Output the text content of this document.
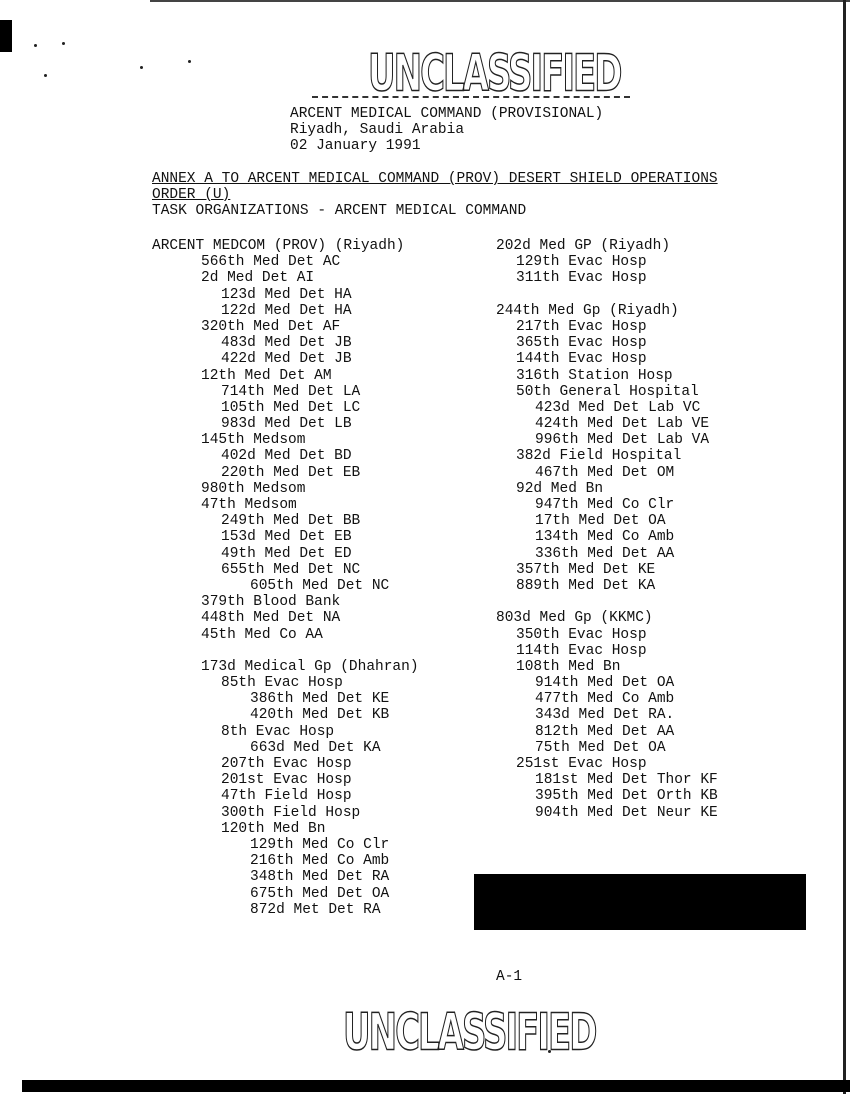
UNCLASSIFIED
ARCENT MEDICAL COMMAND (PROVISIONAL)
Riyadh, Saudi Arabia
02 January 1991
ANNEX A TO ARCENT MEDICAL COMMAND (PROV) DESERT SHIELD OPERATIONS
ORDER (U)
TASK ORGANIZATIONS - ARCENT MEDICAL COMMAND
ARCENT MEDCOM (PROV) (Riyadh)
566th Med Det AC
2d Med Det AI
123d Med Det HA
122d Med Det HA
320th Med Det AF
483d Med Det JB
422d Med Det JB
12th Med Det AM
714th Med Det LA
105th Med Det LC
983d Med Det LB
145th Medsom
402d Med Det BD
220th Med Det EB
980th Medsom
47th Medsom
249th Med Det BB
153d Med Det EB
49th Med Det ED
655th Med Det NC
605th Med Det NC
379th Blood Bank
448th Med Det NA
45th Med Co AA
173d Medical Gp (Dhahran)
85th Evac Hosp
386th Med Det KE
420th Med Det KB
8th Evac Hosp
663d Med Det KA
207th Evac Hosp
201st Evac Hosp
47th Field Hosp
300th Field Hosp
120th Med Bn
129th Med Co Clr
216th Med Co Amb
348th Med Det RA
675th Med Det OA
872d Met Det RA
202d Med GP (Riyadh)
129th Evac Hosp
311th Evac Hosp
244th Med Gp (Riyadh)
217th Evac Hosp
365th Evac Hosp
144th Evac Hosp
316th Station Hosp
50th General Hospital
423d Med Det Lab VC
424th Med Det Lab VE
996th Med Det Lab VA
382d Field Hospital
467th Med Det OM
92d Med Bn
947th Med Co Clr
17th Med Det OA
134th Med Co Amb
336th Med Det AA
357th Med Det KE
889th Med Det KA
803d Med Gp (KKMC)
350th Evac Hosp
114th Evac Hosp
108th Med Bn
914th Med Det OA
477th Med Co Amb
343d Med Det RA.
812th Med Det AA
75th Med Det OA
251st Evac Hosp
181st Med Det Thor KF
395th Med Det Orth KB
904th Med Det Neur KE
A-1
UNCLASSIFIED
